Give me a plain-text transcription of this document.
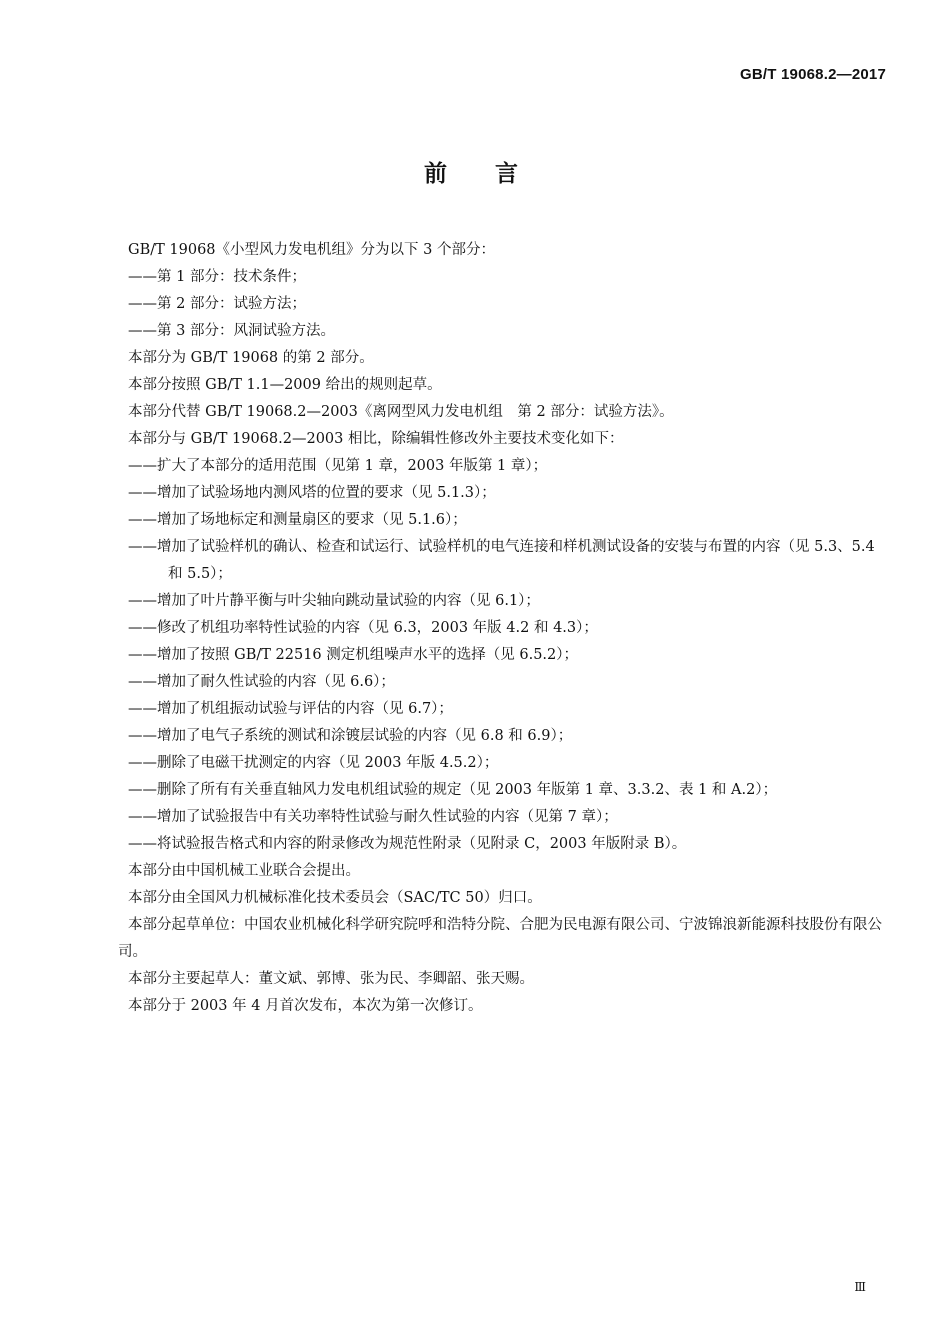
GB/T 19068.2—2017
前言

GB/T 19068《小型风力发电机组》分为以下 3 个部分：

——第 1 部分：技术条件；

——第 2 部分：试验方法；

——第 3 部分：风洞试验方法。

本部分为 GB/T 19068 的第 2 部分。

本部分按照 GB/T 1.1—2009 给出的规则起草。

本部分代替 GB/T 19068.2—2003《离网型风力发电机组　第 2 部分：试验方法》。

本部分与 GB/T 19068.2—2003 相比，除编辑性修改外主要技术变化如下：

——扩大了本部分的适用范围（见第 1 章，2003 年版第 1 章）；

——增加了试验场地内测风塔的位置的要求（见 5.1.3）；

——增加了场地标定和测量扇区的要求（见 5.1.6）；

——增加了试验样机的确认、检查和试运行、试验样机的电气连接和样机测试设备的安装与布置的内容（见 5.3、5.4 和 5.5）；

——增加了叶片静平衡与叶尖轴向跳动量试验的内容（见 6.1）；

——修改了机组功率特性试验的内容（见 6.3，2003 年版 4.2 和 4.3）；

——增加了按照 GB/T 22516 测定机组噪声水平的选择（见 6.5.2）；

——增加了耐久性试验的内容（见 6.6）；

——增加了机组振动试验与评估的内容（见 6.7）；

——增加了电气子系统的测试和涂镀层试验的内容（见 6.8 和 6.9）；

——删除了电磁干扰测定的内容（见 2003 年版 4.5.2）；

——删除了所有有关垂直轴风力发电机组试验的规定（见 2003 年版第 1 章、3.3.2、表 1 和 A.2）；

——增加了试验报告中有关功率特性试验与耐久性试验的内容（见第 7 章）；

——将试验报告格式和内容的附录修改为规范性附录（见附录 C，2003 年版附录 B）。

本部分由中国机械工业联合会提出。

本部分由全国风力机械标准化技术委员会（SAC/TC 50）归口。

本部分起草单位：中国农业机械化科学研究院呼和浩特分院、合肥为民电源有限公司、宁波锦浪新能源科技股份有限公司。

本部分主要起草人：董文斌、郭博、张为民、李卿韶、张天赐。

本部分于 2003 年 4 月首次发布，本次为第一次修订。

Ⅲ
